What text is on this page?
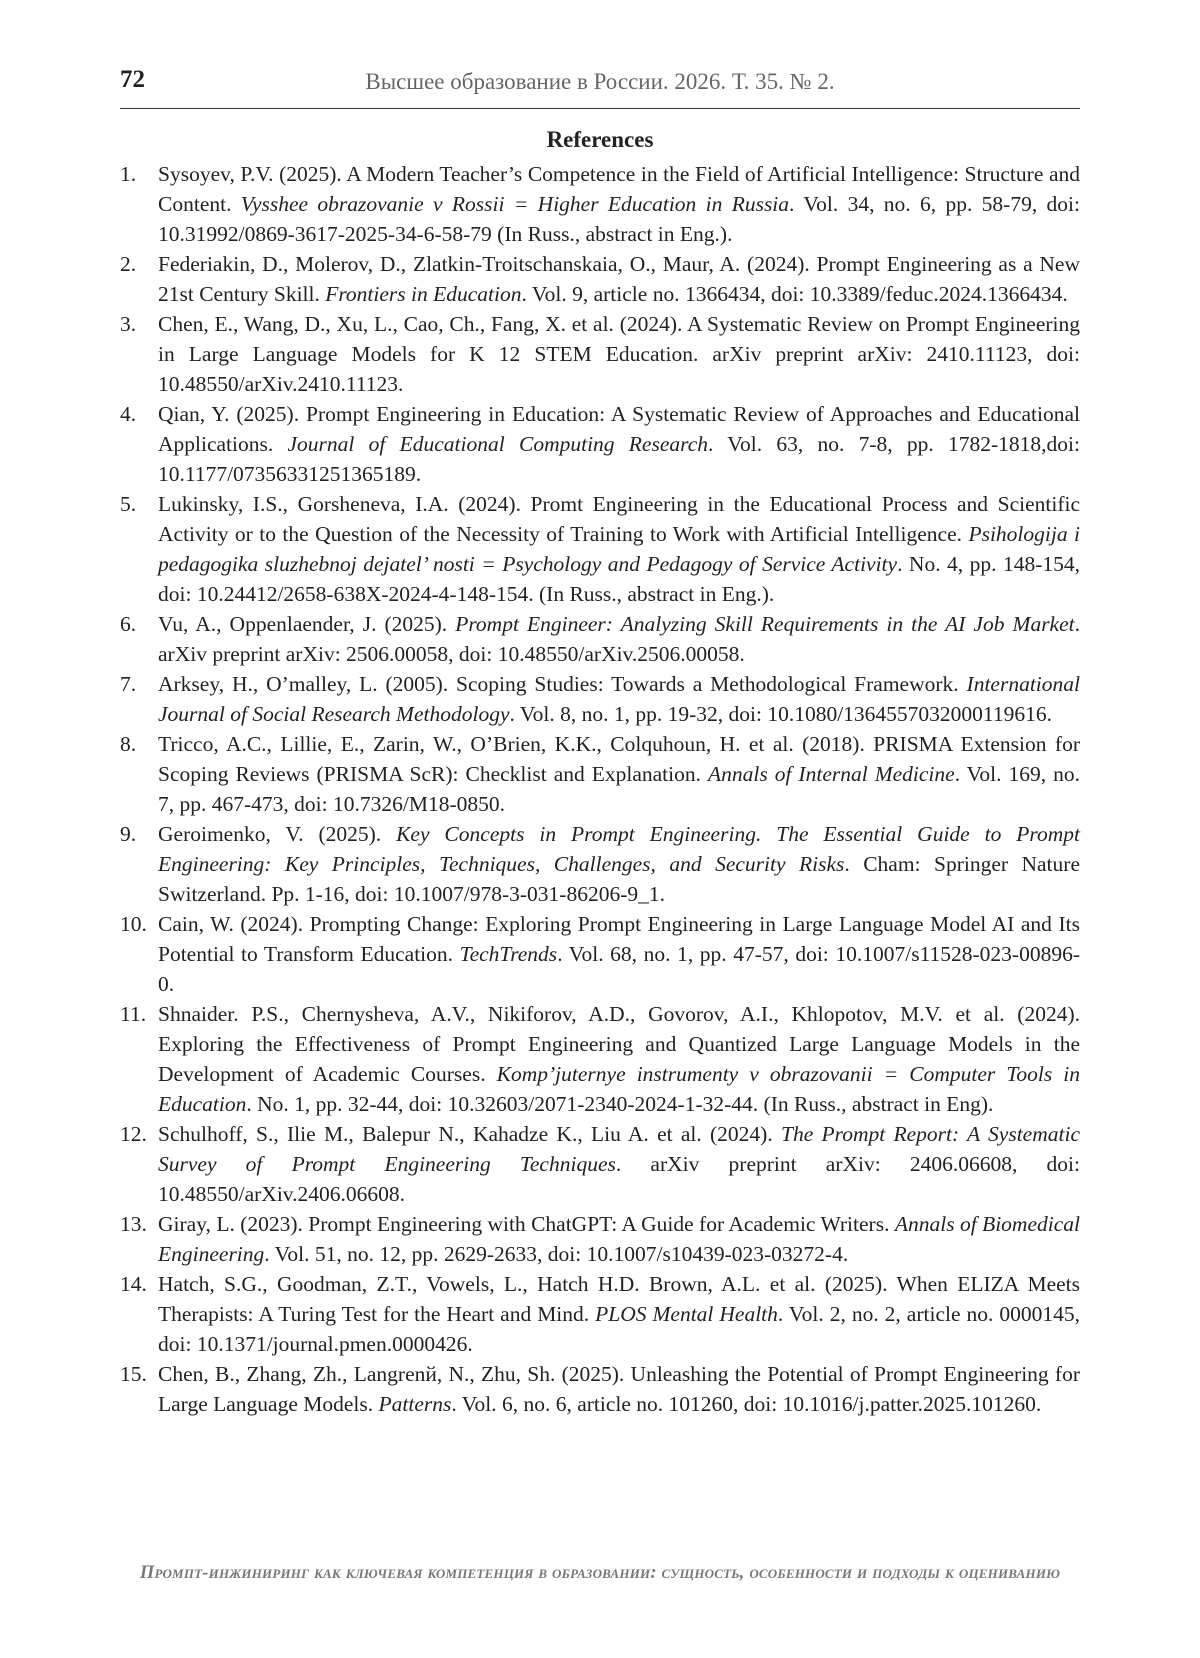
72	Высшее образование в России. 2026. Т. 35. № 2.
References
1. Sysoyev, P.V. (2025). A Modern Teacher’s Competence in the Field of Artificial Intelligence: Structure and Content. Vysshee obrazovanie v Rossii = Higher Education in Russia. Vol. 34, no. 6, pp. 58-79, doi: 10.31992/0869-3617-2025-34-6-58-79 (In Russ., abstract in Eng.).
2. Federiakin, D., Molerov, D., Zlatkin-Troitschanskaia, O., Maur, A. (2024). Prompt Engineering as a New 21st Century Skill. Frontiers in Education. Vol. 9, article no. 1366434, doi: 10.3389/feduc.2024.1366434.
3. Chen, E., Wang, D., Xu, L., Cao, Ch., Fang, X. et al. (2024). A Systematic Review on Prompt Engineering in Large Language Models for K 12 STEM Education. arXiv preprint arXiv: 2410.11123, doi: 10.48550/arXiv.2410.11123.
4. Qian, Y. (2025). Prompt Engineering in Education: A Systematic Review of Approaches and Educational Applications. Journal of Educational Computing Research. Vol. 63, no. 7-8, pp. 1782-1818,doi: 10.1177/07356331251365189.
5. Lukinsky, I.S., Gorsheneva, I.A. (2024). Promt Engineering in the Educational Process and Scientific Activity or to the Question of the Necessity of Training to Work with Artificial Intelligence. Psihologija i pedagogika sluzhebnoj dejatel’ nosti = Psychology and Pedagogy of Service Activity. No. 4, pp. 148-154, doi: 10.24412/2658-638X-2024-4-148-154. (In Russ., abstract in Eng.).
6. Vu, A., Oppenlaender, J. (2025). Prompt Engineer: Analyzing Skill Requirements in the AI Job Market. arXiv preprint arXiv: 2506.00058, doi: 10.48550/arXiv.2506.00058.
7. Arksey, H., O’malley, L. (2005). Scoping Studies: Towards a Methodological Framework. International Journal of Social Research Methodology. Vol. 8, no. 1, pp. 19-32, doi: 10.1080/1364557032000119616.
8. Tricco, A.C., Lillie, E., Zarin, W., O’Brien, K.K., Colquhoun, H. et al. (2018). PRISMA Extension for Scoping Reviews (PRISMA ScR): Checklist and Explanation. Annals of Internal Medicine. Vol. 169, no. 7, pp. 467-473, doi: 10.7326/M18-0850.
9. Geroimenko, V. (2025). Key Concepts in Prompt Engineering. The Essential Guide to Prompt Engineering: Key Principles, Techniques, Challenges, and Security Risks. Cham: Springer Nature Switzerland. Pp. 1-16, doi: 10.1007/978-3-031-86206-9_1.
10. Cain, W. (2024). Prompting Change: Exploring Prompt Engineering in Large Language Model AI and Its Potential to Transform Education. TechTrends. Vol. 68, no. 1, pp. 47-57, doi: 10.1007/s11528-023-00896-0.
11. Shnaider. P.S., Chernysheva, A.V., Nikiforov, A.D., Govorov, A.I., Khlopotov, M.V. et al. (2024). Exploring the Effectiveness of Prompt Engineering and Quantized Large Language Models in the Development of Academic Courses. Komp’juternye instrumenty v obrazovanii = Computer Tools in Education. No. 1, pp. 32-44, doi: 10.32603/2071-2340-2024-1-32-44. (In Russ., abstract in Eng).
12. Schulhoff, S., Ilie M., Balepur N., Kahadze K., Liu A. et al. (2024). The Prompt Report: A Systematic Survey of Prompt Engineering Techniques. arXiv preprint arXiv: 2406.06608, doi: 10.48550/arXiv.2406.06608.
13. Giray, L. (2023). Prompt Engineering with ChatGPT: A Guide for Academic Writers. Annals of Biomedical Engineering. Vol. 51, no. 12, pp. 2629-2633, doi: 10.1007/s10439-023-03272-4.
14. Hatch, S.G., Goodman, Z.T., Vowels, L., Hatch H.D. Brown, A.L. et al. (2025). When ELIZA Meets Therapists: A Turing Test for the Heart and Mind. PLOS Mental Health. Vol. 2, no. 2, article no. 0000145, doi: 10.1371/journal.pmen.0000426.
15. Chen, B., Zhang, Zh., Langrenй, N., Zhu, Sh. (2025). Unleashing the Potential of Prompt Engineering for Large Language Models. Patterns. Vol. 6, no. 6, article no. 101260, doi: 10.1016/j.patter.2025.101260.
Промпт-инжиниринг как ключевая компетенция в образовании: сущность, особенности и подходы к оцениванию
